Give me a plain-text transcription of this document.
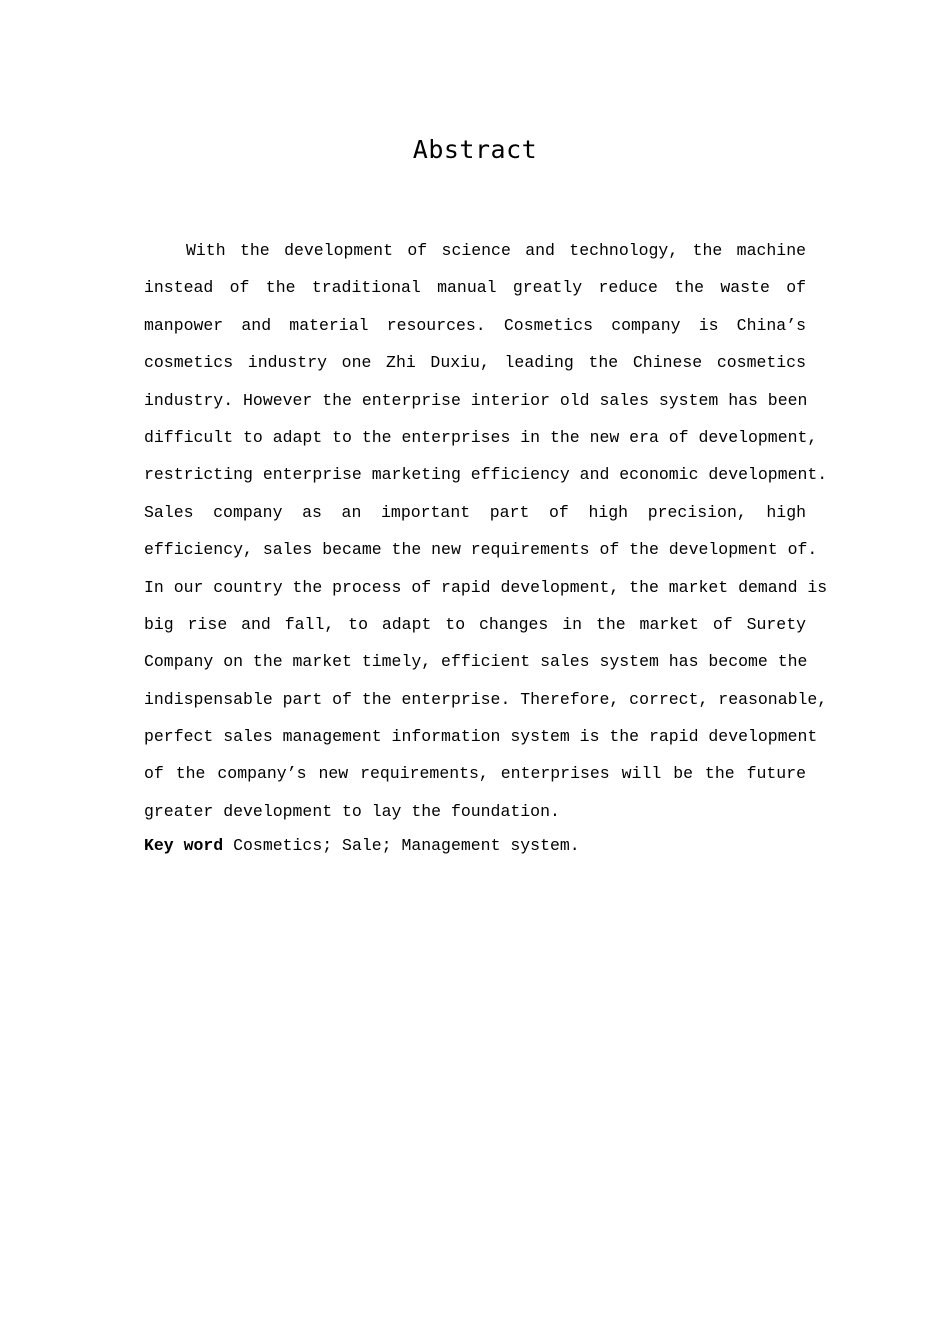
Abstract
With the development of science and technology, the machine
instead of the traditional manual greatly reduce the waste of
manpower and material resources. Cosmetics company is China’s
cosmetics industry one Zhi Duxiu, leading the Chinese cosmetics
industry. However the enterprise interior old sales system has been
difficult to adapt to the enterprises in the new era of development,
restricting enterprise marketing efficiency and economic development.
Sales company as an important part of high precision, high
efficiency, sales became the new requirements of the development of.
In our country the process of rapid development, the market demand is
big rise and fall, to adapt to changes in the market of Surety
Company on the market timely, efficient sales system has become the
indispensable part of the enterprise. Therefore, correct, reasonable,
perfect sales management information system is the rapid development
of the company’s new requirements, enterprises will be the future
greater development to lay the foundation.

Key word Cosmetics; Sale; Management system.
